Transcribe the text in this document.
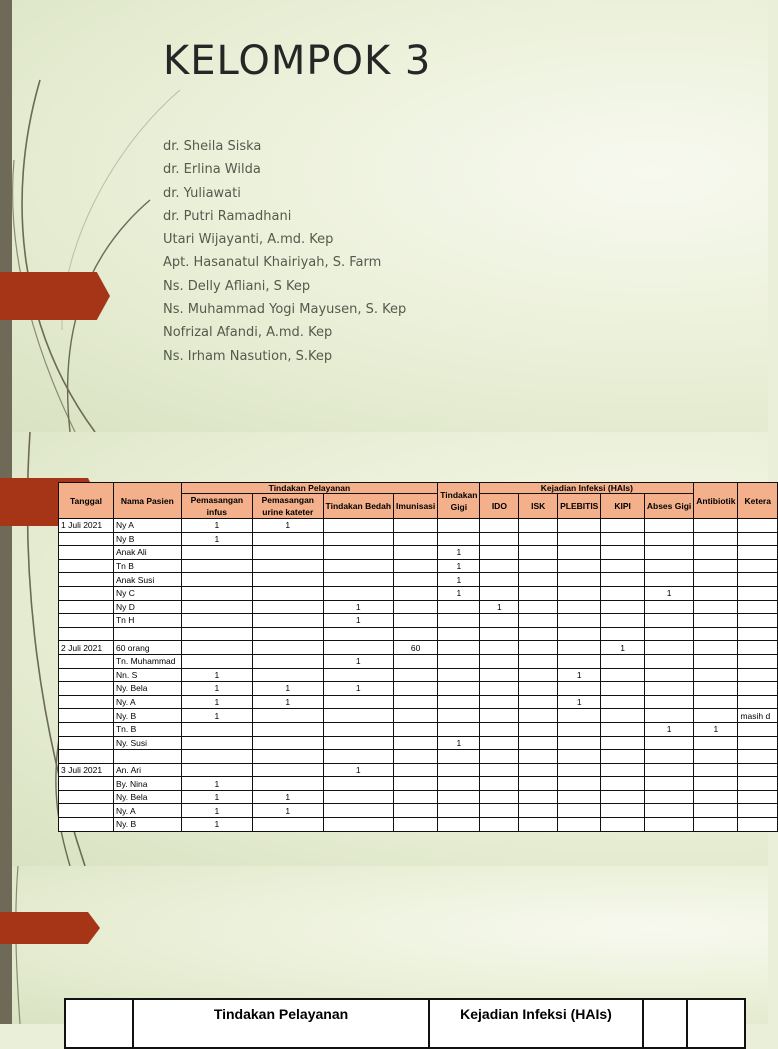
KELOMPOK 3
dr. Sheila Siska
dr. Erlina Wilda
dr. Yuliawati
dr. Putri Ramadhani
Utari Wijayanti, A.md. Kep
Apt. Hasanatul Khairiyah, S. Farm
Ns. Delly Afliani, S Kep
Ns. Muhammad Yogi Mayusen, S. Kep
Nofrizal Afandi, A.md. Kep
Ns. Irham Nasution, S.Kep
Tanggal	Nama Pasien	Tindakan Pelayanan				Tindakan Gigi	Kejadian Infeksi (HAIs)					Antibiotik	Ketera
		Pemasangan infus	Pemasangan urine kateter	Tindakan Bedah	Imunisasi		IDO	ISK	PLEBITIS	KIPI	Abses Gigi		
1 Juli 2021	Ny A	1	1										
	Ny B	1											
	Anak Ali					1							
	Tn B					1							
	Anak Susi					1							
	Ny C					1					1		
	Ny D			1			1						
	Tn H			1									

2 Juli 2021	60 orang				60					1			
	Tn. Muhammad			1									
	Nn. S	1							1				
	Ny. Bela	1	1	1									
	Ny. A	1	1						1				
	Ny. B	1											masih d
	Tn. B										1	1	
	Ny. Susi					1							

3 Juli 2021	An. Ari			1									
	By. Nina	1											
	Ny. Bela	1	1										
	Ny. A	1	1										
	Ny. B	1											
	Tindakan Pelayanan	Kejadian Infeksi (HAIs)		
